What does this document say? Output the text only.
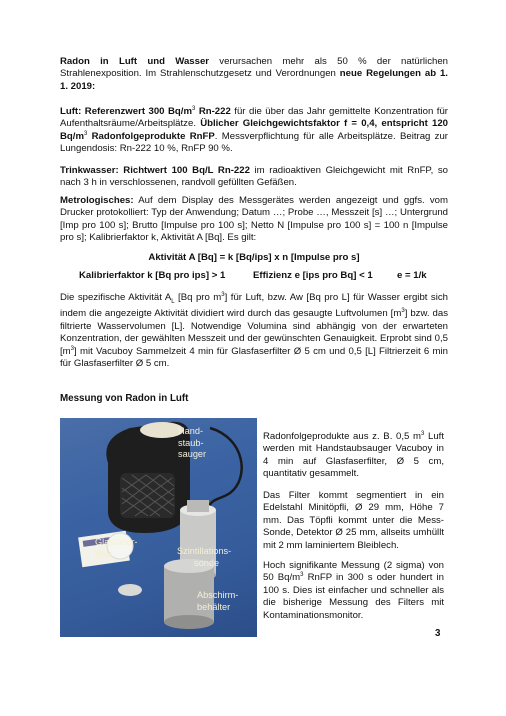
Radon in Luft und Wasser verursachen mehr als 50 % der natürlichen Strahlenexposition. Im Strahlenschutzgesetz und Verordnungen neue Regelungen ab 1. 1. 2019:

Luft: Referenzwert 300 $Bq/m^3$ Rn-222 für die über das Jahr gemittelte Konzentration für Aufenthaltsräume/Arbeitsplätze. Üblicher Gleichgewichtsfaktor f = 0,4, entspricht 120 $Bq/m^3$ Radonfolgeprodukte RnFP. Messverpflichtung für alle Arbeitsplätze. Beitrag zur Lungendosis: Rn-222 10 %, RnFP 90 %.

Trinkwasser: Richtwert 100 Bq/L Rn-222 im radioaktiven Gleichgewicht mit RnFP, so nach 3 h in verschlossenen, randvoll gefüllten Gefäßen.

Metrologisches: Auf dem Display des Messgerätes werden angezeigt und ggfs. vom Drucker protokolliert: Typ der Anwendung; Datum …; Probe …, Messzeit [s] …; Untergrund [Imp pro 100 s]; Brutto [Impulse pro 100 s]; Netto N [Impulse pro 100 s] = 100 n [Impulse pro s]; Kalibrierfaktor k, Aktivität A [Bq]. Es gilt:

Aktivität A [Bq] = k [Bq/ips] x n [Impulse pro s]

Kalibrierfaktor k [Bq pro ips] > 1	Effizienz e [ips pro Bq] < 1	e = 1/k

Die spezifische Aktivität $A_L$ [Bq pro $m^3$] für Luft, bzw. Aw [Bq pro L] für Wasser ergibt sich indem die angezeigte Aktivität dividiert wird durch das gesaugte Luftvolumen $[m^3]$ bzw. das filtrierte Wasservolumen [L]. Notwendige Volumina sind abhängig von der erwarteten Konzentration, der gewählten Messzeit und der gewünschten Genauigkeit. Erprobt sind 0,5 $[m^3]$ mit Vacuboy Sammelzeit 4 min für Glasfaserfilter Ø 5 cm und 0,5 [L] Filtrierzeit 6 min für Glasfaserfilter Ø 5 cm.

Messung von Radon in Luft

Hand-
staub-
sauger
Glasfaser-
filter	Szintillations-
sonde
Abschirm-
behälter

Radonfolgeprodukte aus z. B. 0,5 $m^3$ Luft werden mit Handstaubsauger Vacuboy in 4 min auf Glasfaserfilter, Ø 5 cm, quantitativ gesammelt.

Das Filter kommt segmentiert in ein Edelstahl Minitöpfli, Ø 29 mm, Höhe 7 mm. Das Töpfli kommt unter die Mess-Sonde, Detektor Ø 25 mm, allseits umhüllt mit 2 mm laminiertem Bleiblech.

Hoch signifikante Messung (2 sigma) von 50 $Bq/m^3$ RnFP in 300 s oder hundert in 100 s. Dies ist einfacher und schneller als die bisherige Messung des Filters mit Kontaminationsmonitor.

3
